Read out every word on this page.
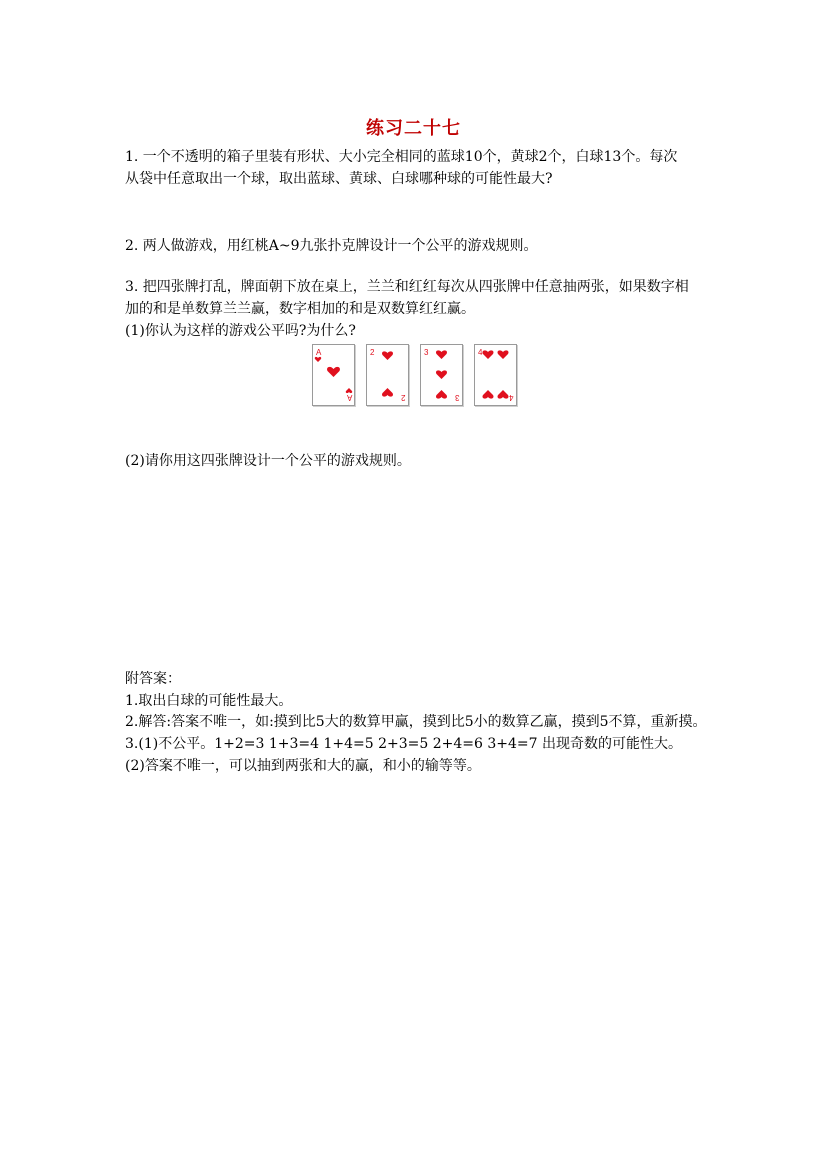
练习二十七
1. 一个不透明的箱子里装有形状、大小完全相同的蓝球10个，黄球2个，白球13个。每次
从袋中任意取出一个球，取出蓝球、黄球、白球哪种球的可能性最大?
2. 两人做游戏，用红桃A~9九张扑克牌设计一个公平的游戏规则。
3. 把四张牌打乱，牌面朝下放在桌上，兰兰和红红每次从四张牌中任意抽两张，如果数字相
加的和是单数算兰兰赢，数字相加的和是双数算红红赢。
(1)你认为这样的游戏公平吗?为什么?
A
A
2
2
3
3
4
4
(2)请你用这四张牌设计一个公平的游戏规则。
附答案：
1.取出白球的可能性最大。
2.解答:答案不唯一，如:摸到比5大的数算甲赢，摸到比5小的数算乙赢，摸到5不算，重新摸。
3.(1)不公平。1+2=3 1+3=4 1+4=5 2+3=5 2+4=6 3+4=7 出现奇数的可能性大。
(2)答案不唯一，可以抽到两张和大的赢，和小的输等等。
